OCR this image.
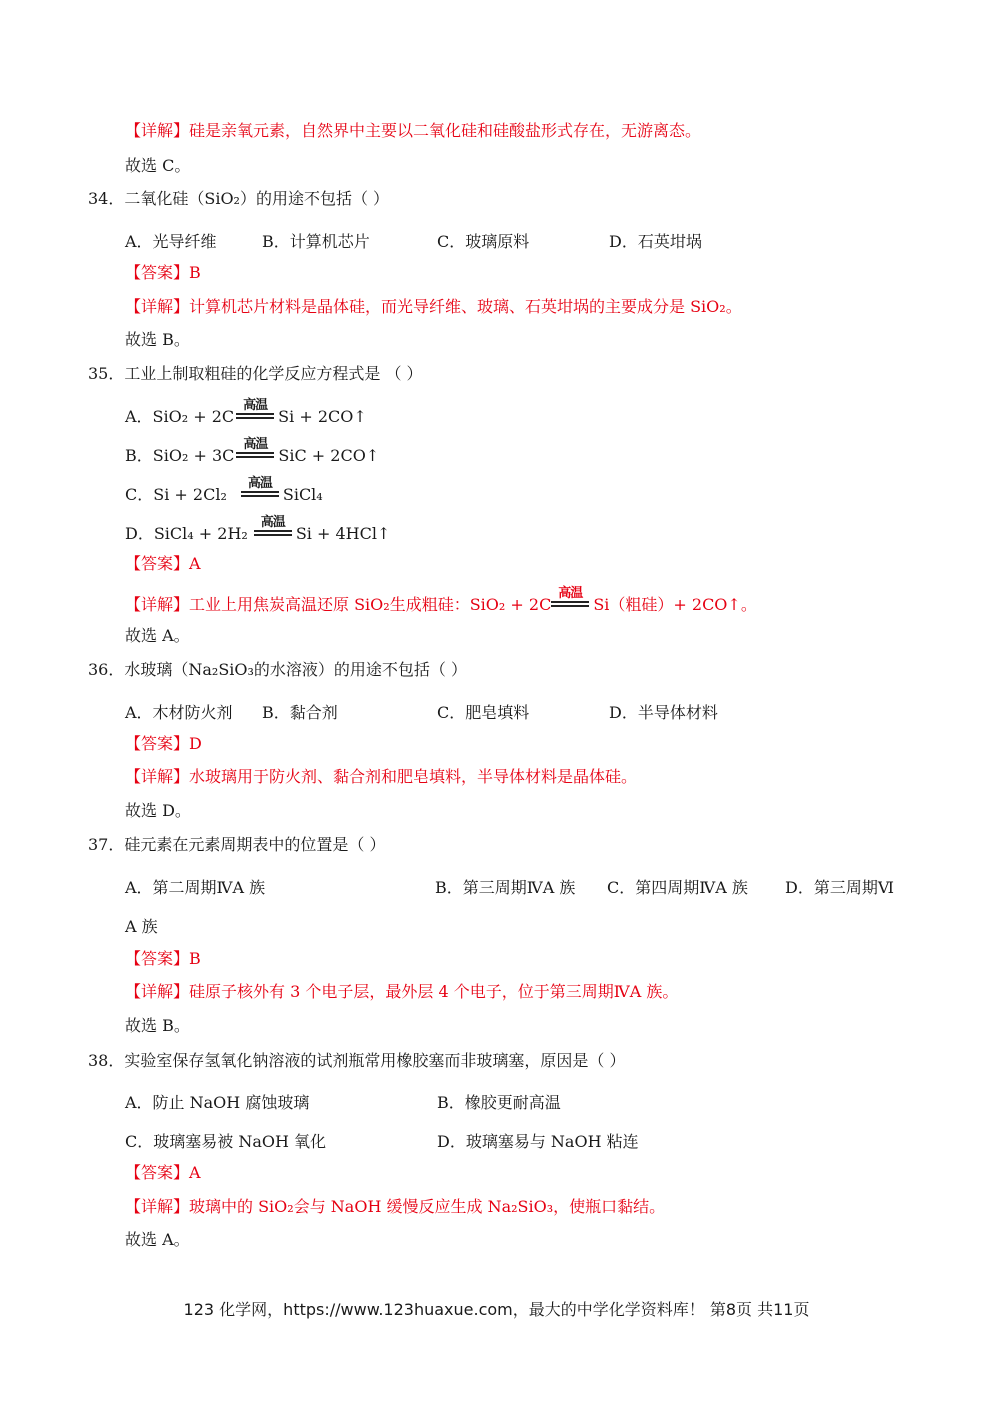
【详解】硅是亲氧元素，自然界中主要以二氧化硅和硅酸盐形式存在，无游离态。
故选 C。
34．二氧化硅（SiO₂）的用途不包括（ ）
A．光导纤维	B．计算机芯片	C．玻璃原料	D．石英坩埚
【答案】B
【详解】计算机芯片材料是晶体硅，而光导纤维、玻璃、石英坩埚的主要成分是 SiO₂。
故选 B。
35．工业上制取粗硅的化学反应方程式是 （ ）
A．SiO₂ + 2C
高温
Si + 2CO↑
B．SiO₂ + 3C
高温
SiC + 2CO↑
C．Si + 2Cl₂
高温
SiCl₄
D．SiCl₄ + 2H₂
高温
Si + 4HCl↑
【答案】A
【详解】工业上用焦炭高温还原 SiO₂生成粗硅：SiO₂ + 2C
高温
Si（粗硅）+ 2CO↑。
故选 A。
36．水玻璃（Na₂SiO₃的水溶液）的用途不包括（ ）
A．木材防火剂 B．黏合剂	C．肥皂填料	D．半导体材料
【答案】D
【详解】水玻璃用于防火剂、黏合剂和肥皂填料，半导体材料是晶体硅。
故选 D。
37．硅元素在元素周期表中的位置是（ ）
A．第二周期ⅣA 族	B．第三周期ⅣA 族 C．第四周期ⅣA 族 D．第三周期Ⅵ
A 族
【答案】B
【详解】硅原子核外有 3 个电子层，最外层 4 个电子，位于第三周期ⅣA 族。
故选 B。
38．实验室保存氢氧化钠溶液的试剂瓶常用橡胶塞而非玻璃塞，原因是（ ）
A．防止 NaOH 腐蚀玻璃	B．橡胶更耐高温
C．玻璃塞易被 NaOH 氧化	D．玻璃塞易与 NaOH 粘连
【答案】A
【详解】玻璃中的 SiO₂会与 NaOH 缓慢反应生成 Na₂SiO₃，使瓶口黏结。
故选 A。
123 化学网，https://www.123huaxue.com，最大的中学化学资料库！ 第8页 共11页
